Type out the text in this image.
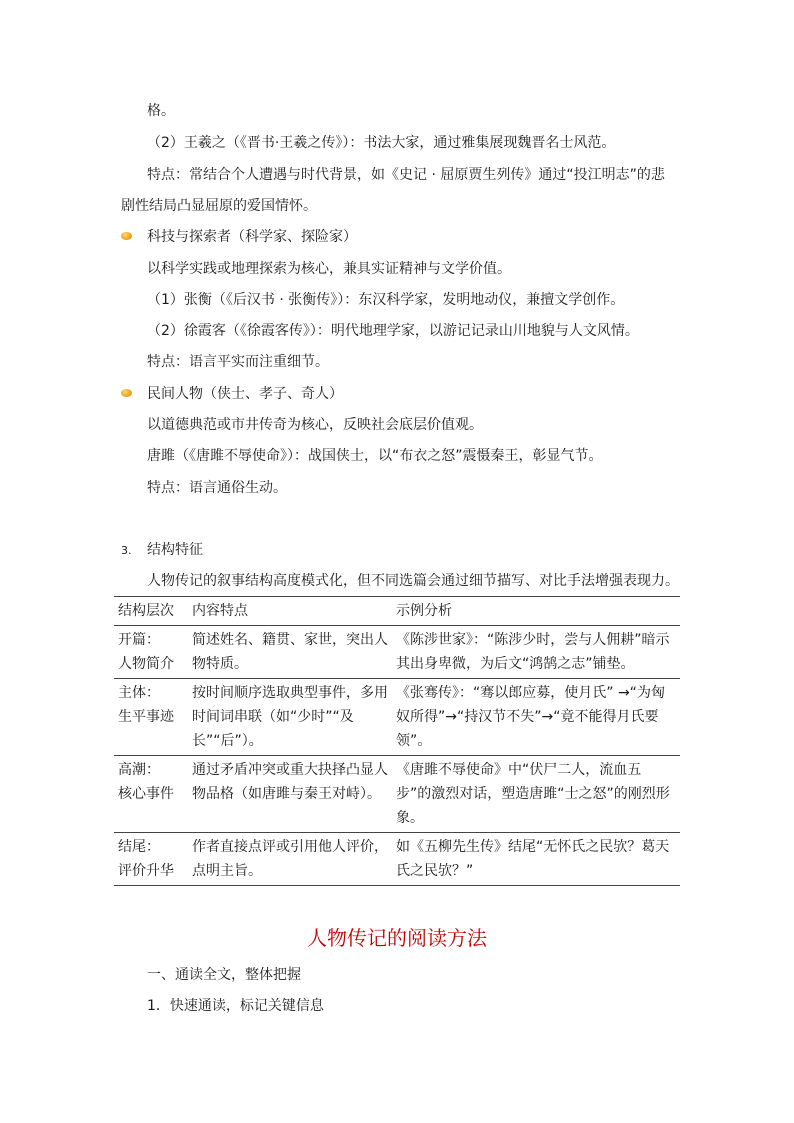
格。
（2）王羲之（《晋书·王羲之传》）：书法大家，通过雅集展现魏晋名士风范。
特点：常结合个人遭遇与时代背景，如《史记 · 屈原贾生列传》通过“投江明志”的悲
剧性结局凸显屈原的爱国情怀。
科技与探索者（科学家、探险家）
以科学实践或地理探索为核心，兼具实证精神与文学价值。
（1）张衡（《后汉书 · 张衡传》）：东汉科学家，发明地动仪，兼擅文学创作。
（2）徐霞客（《徐霞客传》）：明代地理学家，以游记记录山川地貌与人文风情。
特点：语言平实而注重细节。
民间人物（侠士、孝子、奇人）
以道德典范或市井传奇为核心，反映社会底层价值观。
唐雎（《唐雎不辱使命》）：战国侠士，以“布衣之怒”震慑秦王，彰显气节。
特点：语言通俗生动。
3. 结构特征
人物传记的叙事结构高度模式化，但不同选篇会通过细节描写、对比手法增强表现力。
结构层次	内容特点	示例分析
开篇：
人物简介	简述姓名、籍贯、家世，突出人物特质。	《陈涉世家》：“陈涉少时，尝与人佣耕”暗示其出身卑微，为后文“鸿鹄之志”铺垫。
主体：
生平事迹	按时间顺序选取典型事件，多用时间词串联（如“少时”“及长”“后”）。	《张骞传》：“骞以郎应募，使月氏” →“为匈奴所得”→“持汉节不失”→“竟不能得月氏要领”。
高潮：
核心事件	通过矛盾冲突或重大抉择凸显人物品格（如唐雎与秦王对峙）。	《唐雎不辱使命》中“伏尸二人，流血五步”的激烈对话，塑造唐雎“士之怒”的刚烈形象。
结尾：
评价升华	作者直接点评或引用他人评价，点明主旨。	如《五柳先生传》结尾“无怀氏之民欤？葛天氏之民欤？”
人物传记的阅读方法
一、通读全文，整体把握
1．快速通读，标记关键信息
